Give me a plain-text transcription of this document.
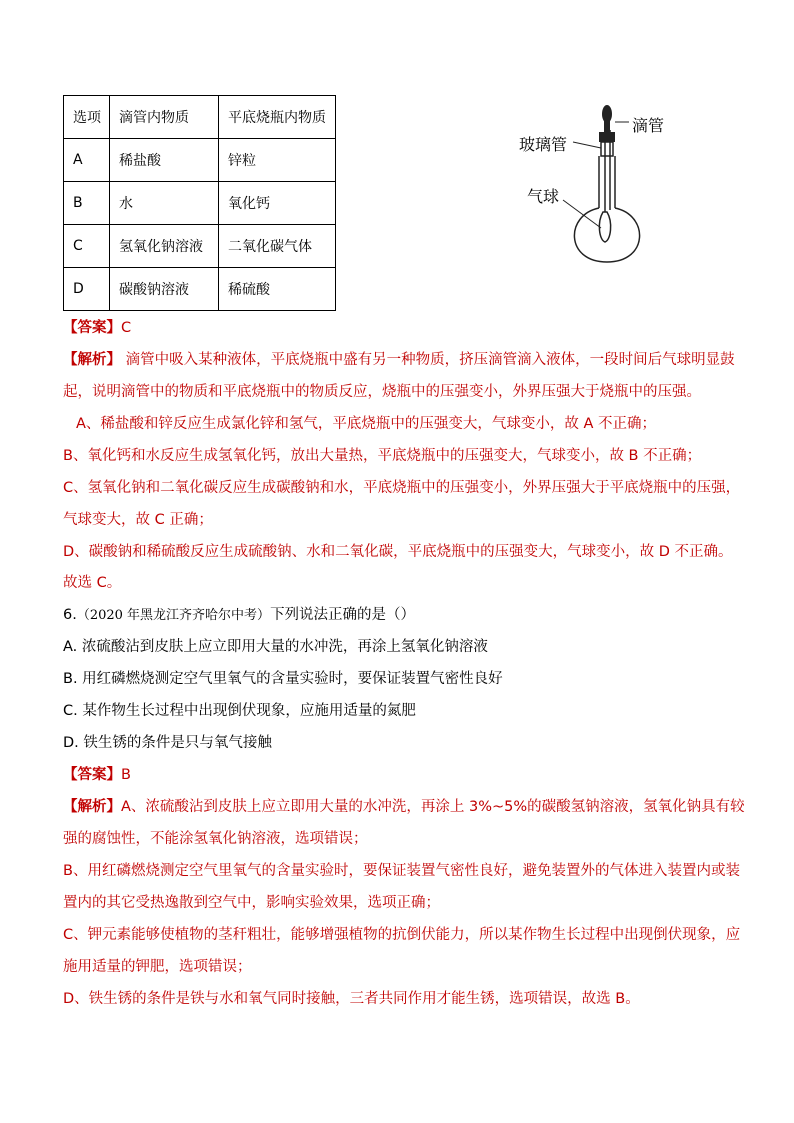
选项	滴管内物质	平底烧瓶内物质
A	稀盐酸	锌粒
B	水	氧化钙
C	氢氧化钠溶液	二氧化碳气体
D	碳酸钠溶液	稀硫酸
滴管
玻璃管
气球
【答案】C
【解析】 滴管中吸入某种液体，平底烧瓶中盛有另一种物质，挤压滴管滴入液体，一段时间后气球明显鼓
起，说明滴管中的物质和平底烧瓶中的物质反应，烧瓶中的压强变小，外界压强大于烧瓶中的压强。
A、稀盐酸和锌反应生成氯化锌和氢气，平底烧瓶中的压强变大，气球变小，故 A 不正确；
B、氧化钙和水反应生成氢氧化钙，放出大量热，平底烧瓶中的压强变大，气球变小，故 B 不正确；
C、氢氧化钠和二氧化碳反应生成碳酸钠和水，平底烧瓶中的压强变小，外界压强大于平底烧瓶中的压强，
气球变大，故 C 正确；
D、碳酸钠和稀硫酸反应生成硫酸钠、水和二氧化碳，平底烧瓶中的压强变大，气球变小，故 D 不正确。
故选 C。
6.（2020 年黑龙江齐齐哈尔中考）下列说法正确的是（）
A. 浓硫酸沾到皮肤上应立即用大量的水冲洗，再涂上氢氧化钠溶液
B. 用红磷燃烧测定空气里氧气的含量实验时，要保证装置气密性良好
C. 某作物生长过程中出现倒伏现象，应施用适量的氮肥
D. 铁生锈的条件是只与氧气接触
【答案】B
【解析】A、浓硫酸沾到皮肤上应立即用大量的水冲洗，再涂上 3%~5%的碳酸氢钠溶液，氢氧化钠具有较
强的腐蚀性，不能涂氢氧化钠溶液，选项错误；
B、用红磷燃烧测定空气里氧气的含量实验时，要保证装置气密性良好，避免装置外的气体进入装置内或装
置内的其它受热逸散到空气中，影响实验效果，选项正确；
C、钾元素能够使植物的茎秆粗壮，能够增强植物的抗倒伏能力，所以某作物生长过程中出现倒伏现象，应
施用适量的钾肥，选项错误；
D、铁生锈的条件是铁与水和氧气同时接触，三者共同作用才能生锈，选项错误，故选 B。
